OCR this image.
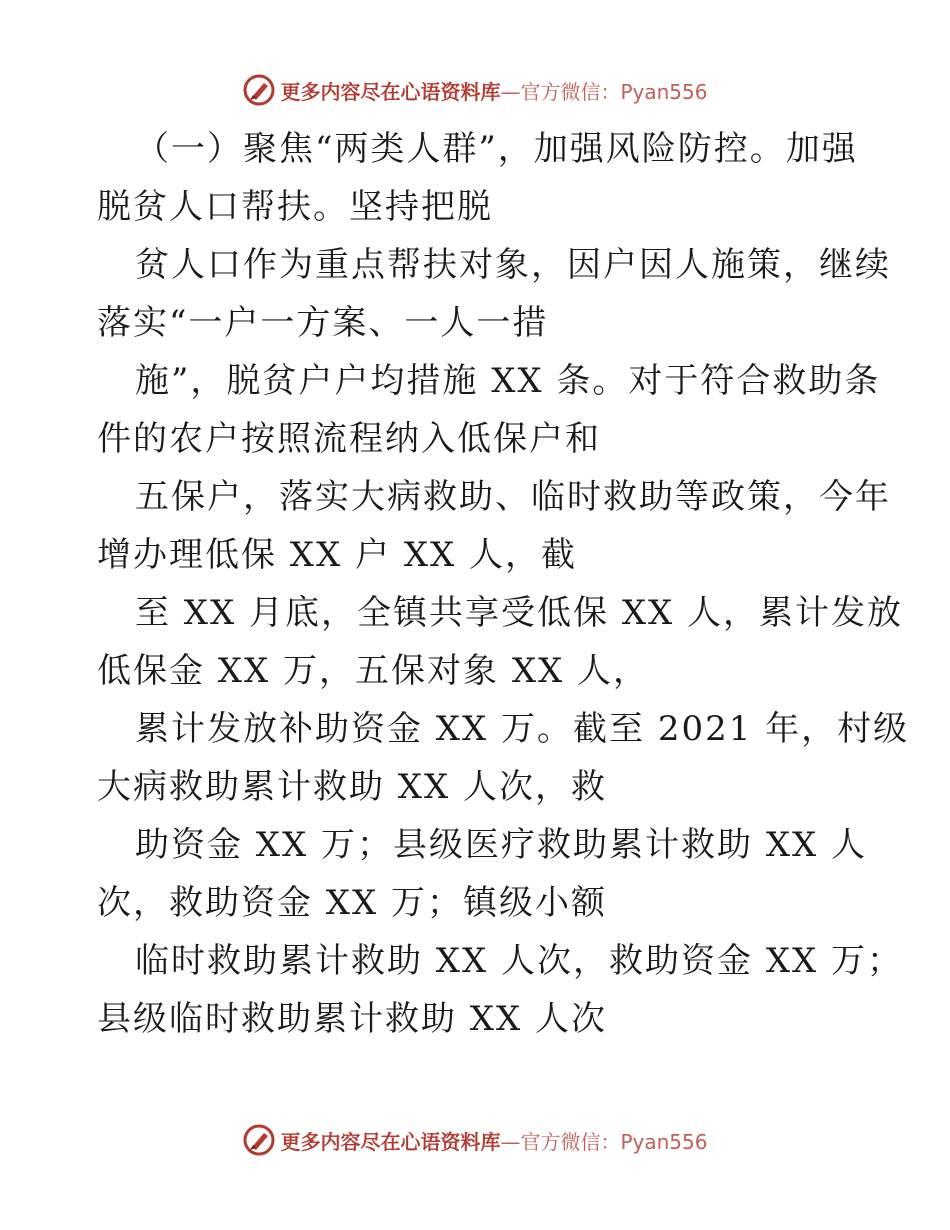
更多内容尽在心语资料库 —官方微信：Pyan556

（一）聚焦“两类人群”，加强风险防控。加强
脱贫人口帮扶。坚持把脱

贫人口作为重点帮扶对象，因户因人施策，继续
落实“一户一方案、一人一措

施”，脱贫户户均措施 XX 条。对于符合救助条
件的农户按照流程纳入低保户和

五保户，落实大病救助、临时救助等政策，今年
增办理低保 XX 户 XX 人，截

至 XX 月底，全镇共享受低保 XX 人，累计发放
低保金 XX 万，五保对象 XX 人，

累计发放补助资金 XX 万。截至 2021 年，村级
大病救助累计救助 XX 人次，救

助资金 XX 万；县级医疗救助累计救助 XX 人
次，救助资金 XX 万；镇级小额

临时救助累计救助 XX 人次，救助资金 XX 万；
县级临时救助累计救助 XX 人次

更多内容尽在心语资料库 —官方微信：Pyan556
